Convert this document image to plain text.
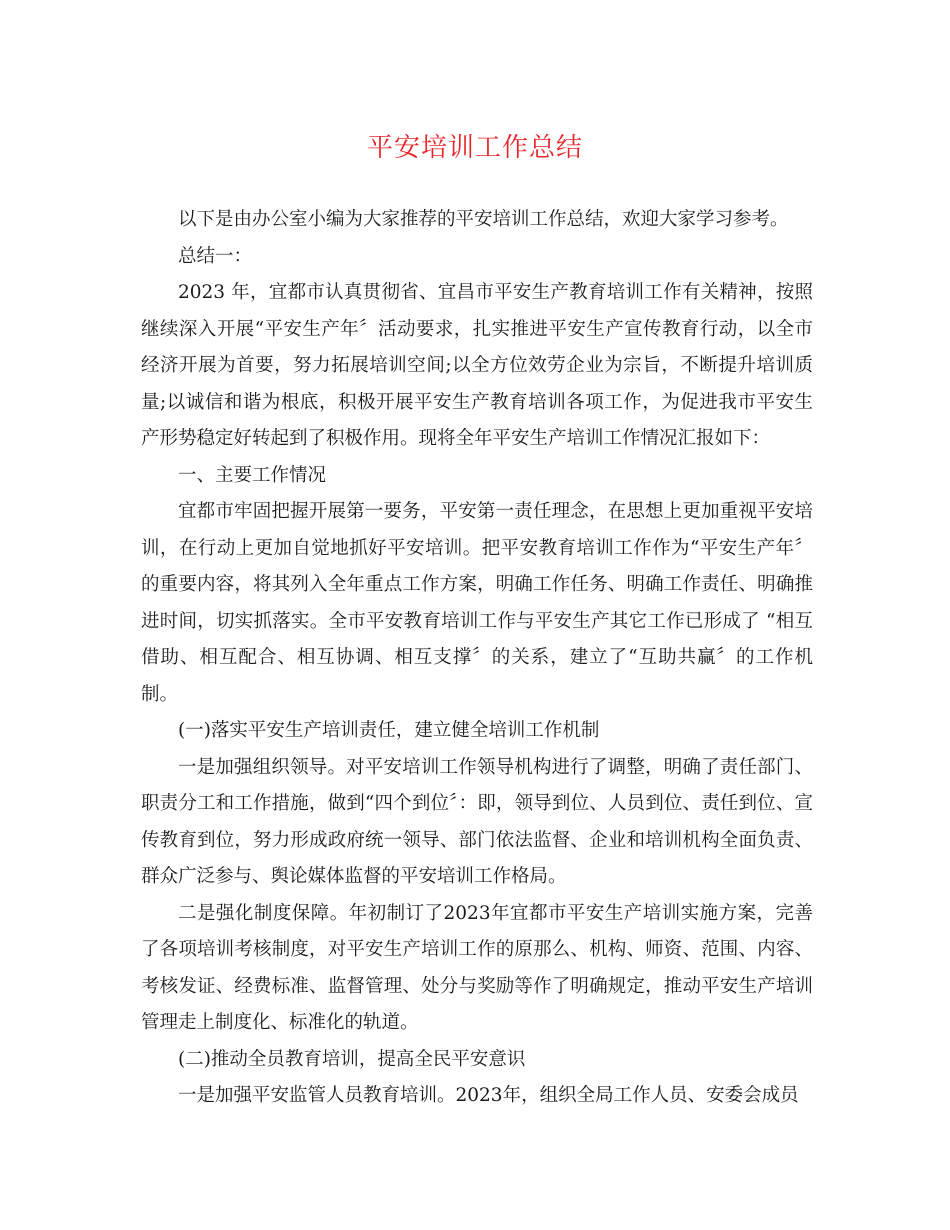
平安培训工作总结

以下是由办公室小编为大家推荐的平安培训工作总结，欢迎大家学习参考。

总结一：

2023 年，宜都市认真贯彻省、宜昌市平安生产教育培训工作有关精神，按照继续深入开展“平安生产年〞活动要求，扎实推进平安生产宣传教育行动，以全市经济开展为首要，努力拓展培训空间;以全方位效劳企业为宗旨，不断提升培训质量;以诚信和谐为根底，积极开展平安生产教育培训各项工作，为促进我市平安生产形势稳定好转起到了积极作用。现将全年平安生产培训工作情况汇报如下：

一、主要工作情况

宜都市牢固把握开展第一要务，平安第一责任理念，在思想上更加重视平安培训，在行动上更加自觉地抓好平安培训。把平安教育培训工作作为“平安生产年〞的重要内容，将其列入全年重点工作方案，明确工作任务、明确工作责任、明确推进时间，切实抓落实。全市平安教育培训工作与平安生产其它工作已形成了 “相互借助、相互配合、相互协调、相互支撑〞的关系，建立了“互助共赢〞的工作机制。

(一)落实平安生产培训责任，建立健全培训工作机制

一是加强组织领导。对平安培训工作领导机构进行了调整，明确了责任部门、职责分工和工作措施，做到“四个到位〞：即，领导到位、人员到位、责任到位、宣传教育到位，努力形成政府统一领导、部门依法监督、企业和培训机构全面负责、群众广泛参与、舆论媒体监督的平安培训工作格局。

二是强化制度保障。年初制订了2023年宜都市平安生产培训实施方案，完善了各项培训考核制度，对平安生产培训工作的原那么、机构、师资、范围、内容、考核发证、经费标准、监督管理、处分与奖励等作了明确规定，推动平安生产培训管理走上制度化、标准化的轨道。

(二)推动全员教育培训，提高全民平安意识

一是加强平安监管人员教育培训。2023年，组织全局工作人员、安委会成员
